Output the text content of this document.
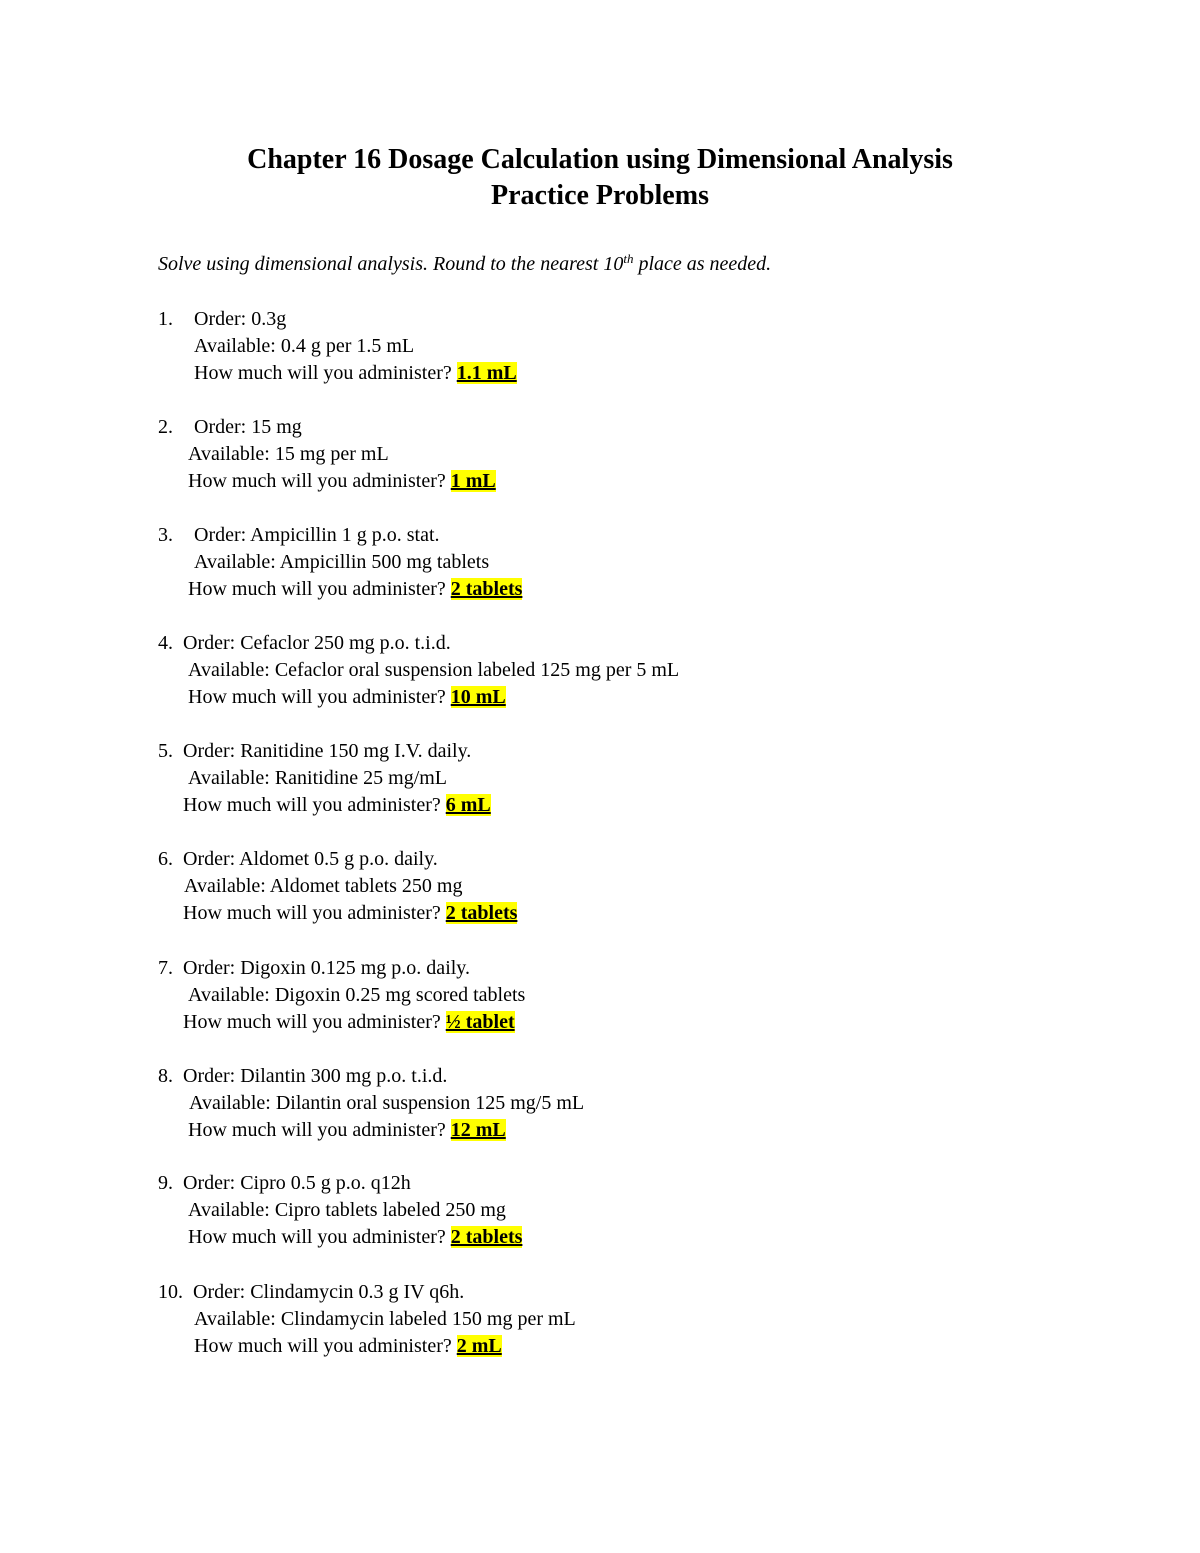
Chapter 16 Dosage Calculation using Dimensional Analysis
Practice Problems

Solve using dimensional analysis. Round to the nearest 10th place as needed.

1. Order: 0.3g
Available: 0.4 g per 1.5 mL
How much will you administer? 1.1 mL
2. Order: 15 mg
Available: 15 mg per mL
How much will you administer? 1 mL
3. Order: Ampicillin 1 g p.o. stat.
Available: Ampicillin 500 mg tablets
How much will you administer? 2 tablets
4. Order: Cefaclor 250 mg p.o. t.i.d.
Available: Cefaclor oral suspension labeled 125 mg per 5 mL
How much will you administer? 10 mL
5. Order: Ranitidine 150 mg I.V. daily.
Available: Ranitidine 25 mg/mL
How much will you administer? 6 mL
6. Order: Aldomet 0.5 g p.o. daily.
Available: Aldomet tablets 250 mg
How much will you administer? 2 tablets
7. Order: Digoxin 0.125 mg p.o. daily.
Available: Digoxin 0.25 mg scored tablets
How much will you administer? ½ tablet
8. Order: Dilantin 300 mg p.o. t.i.d.
Available: Dilantin oral suspension 125 mg/5 mL
How much will you administer? 12 mL
9. Order: Cipro 0.5 g p.o. q12h
Available: Cipro tablets labeled 250 mg
How much will you administer? 2 tablets
10. Order: Clindamycin 0.3 g IV q6h.
Available: Clindamycin labeled 150 mg per mL
How much will you administer? 2 mL
